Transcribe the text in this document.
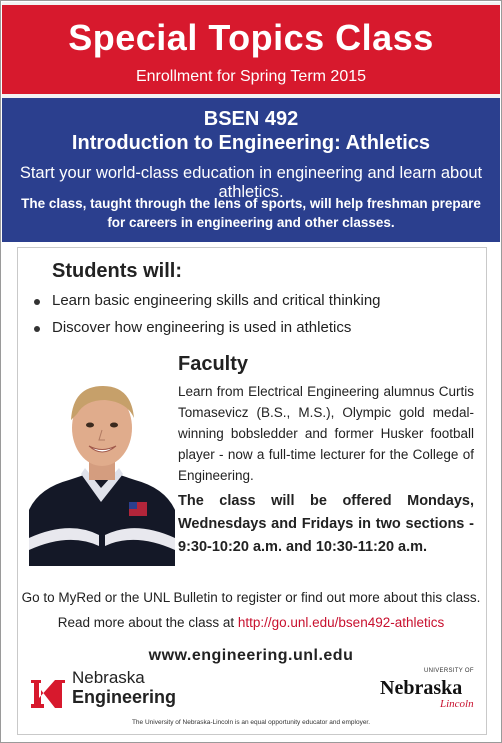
Special Topics Class
Enrollment for Spring Term 2015
BSEN 492
Introduction to Engineering: Athletics
Start your world-class education in engineering and learn about athletics.
The class, taught through the lens of sports, will help freshman prepare for careers in engineering and other classes.
Students will:
Learn basic engineering skills and critical thinking
Discover how engineering is used in athletics
Faculty
Learn from Electrical Engineering alumnus Curtis Tomasevicz (B.S., M.S.), Olympic gold medal-winning bobsledder and former Husker football player - now a full-time lecturer for the College of Engineering.
The class will be offered Mondays, Wednesdays and Fridays in two sections - 9:30-10:20 a.m. and 10:30-11:20 a.m.
Go to MyRed or the UNL Bulletin to register or find out more about this class.
Read more about the class at http://go.unl.edu/bsen492-athletics
www.engineering.unl.edu
Nebraska
Engineering
UNIVERSITY OF
Nebraska
Lincoln
The University of Nebraska-Lincoln is an equal opportunity educator and employer.
